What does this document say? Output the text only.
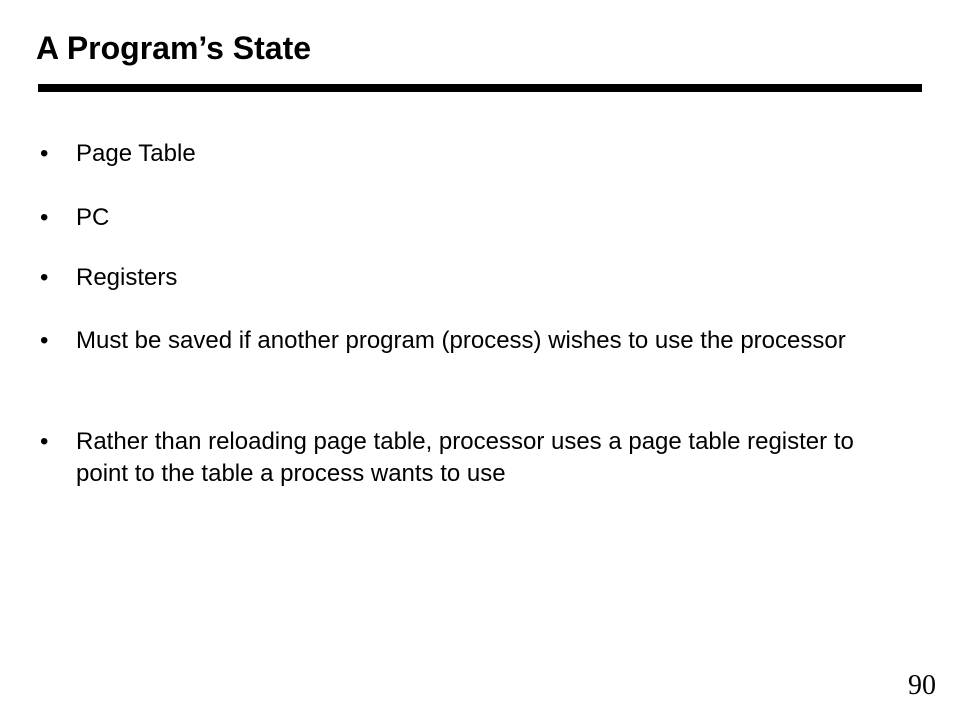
A Program’s State
• Page Table
• PC
• Registers
• Must be saved if another program (process) wishes to use the processor
• Rather than reloading page table, processor uses a page table register to point to the table a process wants to use
90
